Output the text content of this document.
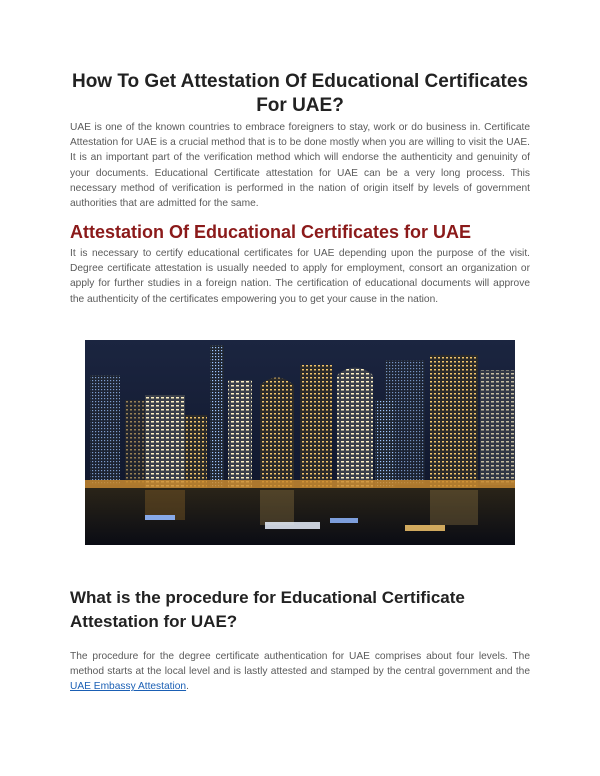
How To Get Attestation Of Educational Certificates For UAE?

UAE is one of the known countries to embrace foreigners to stay, work or do business in. Certificate Attestation for UAE is a crucial method that is to be done mostly when you are willing to visit the UAE. It is an important part of the verification method which will endorse the authenticity and genuinity of your documents. Educational Certificate attestation for UAE can be a very long process. This necessary method of verification is performed in the nation of origin itself by levels of government authorities that are admitted for the same.

Attestation Of Educational Certificates for UAE

It is necessary to certify educational certificates for UAE depending upon the purpose of the visit. Degree certificate attestation is usually needed to apply for employment, consort an organization or apply for further studies in a foreign nation. The certification of educational documents will approve the authenticity of the certificates empowering you to get your cause in the nation.

What is the procedure for Educational Certificate Attestation for UAE?

The procedure for the degree certificate authentication for UAE comprises about four levels. The method starts at the local level and is lastly attested and stamped by the central government and the UAE Embassy Attestation.
